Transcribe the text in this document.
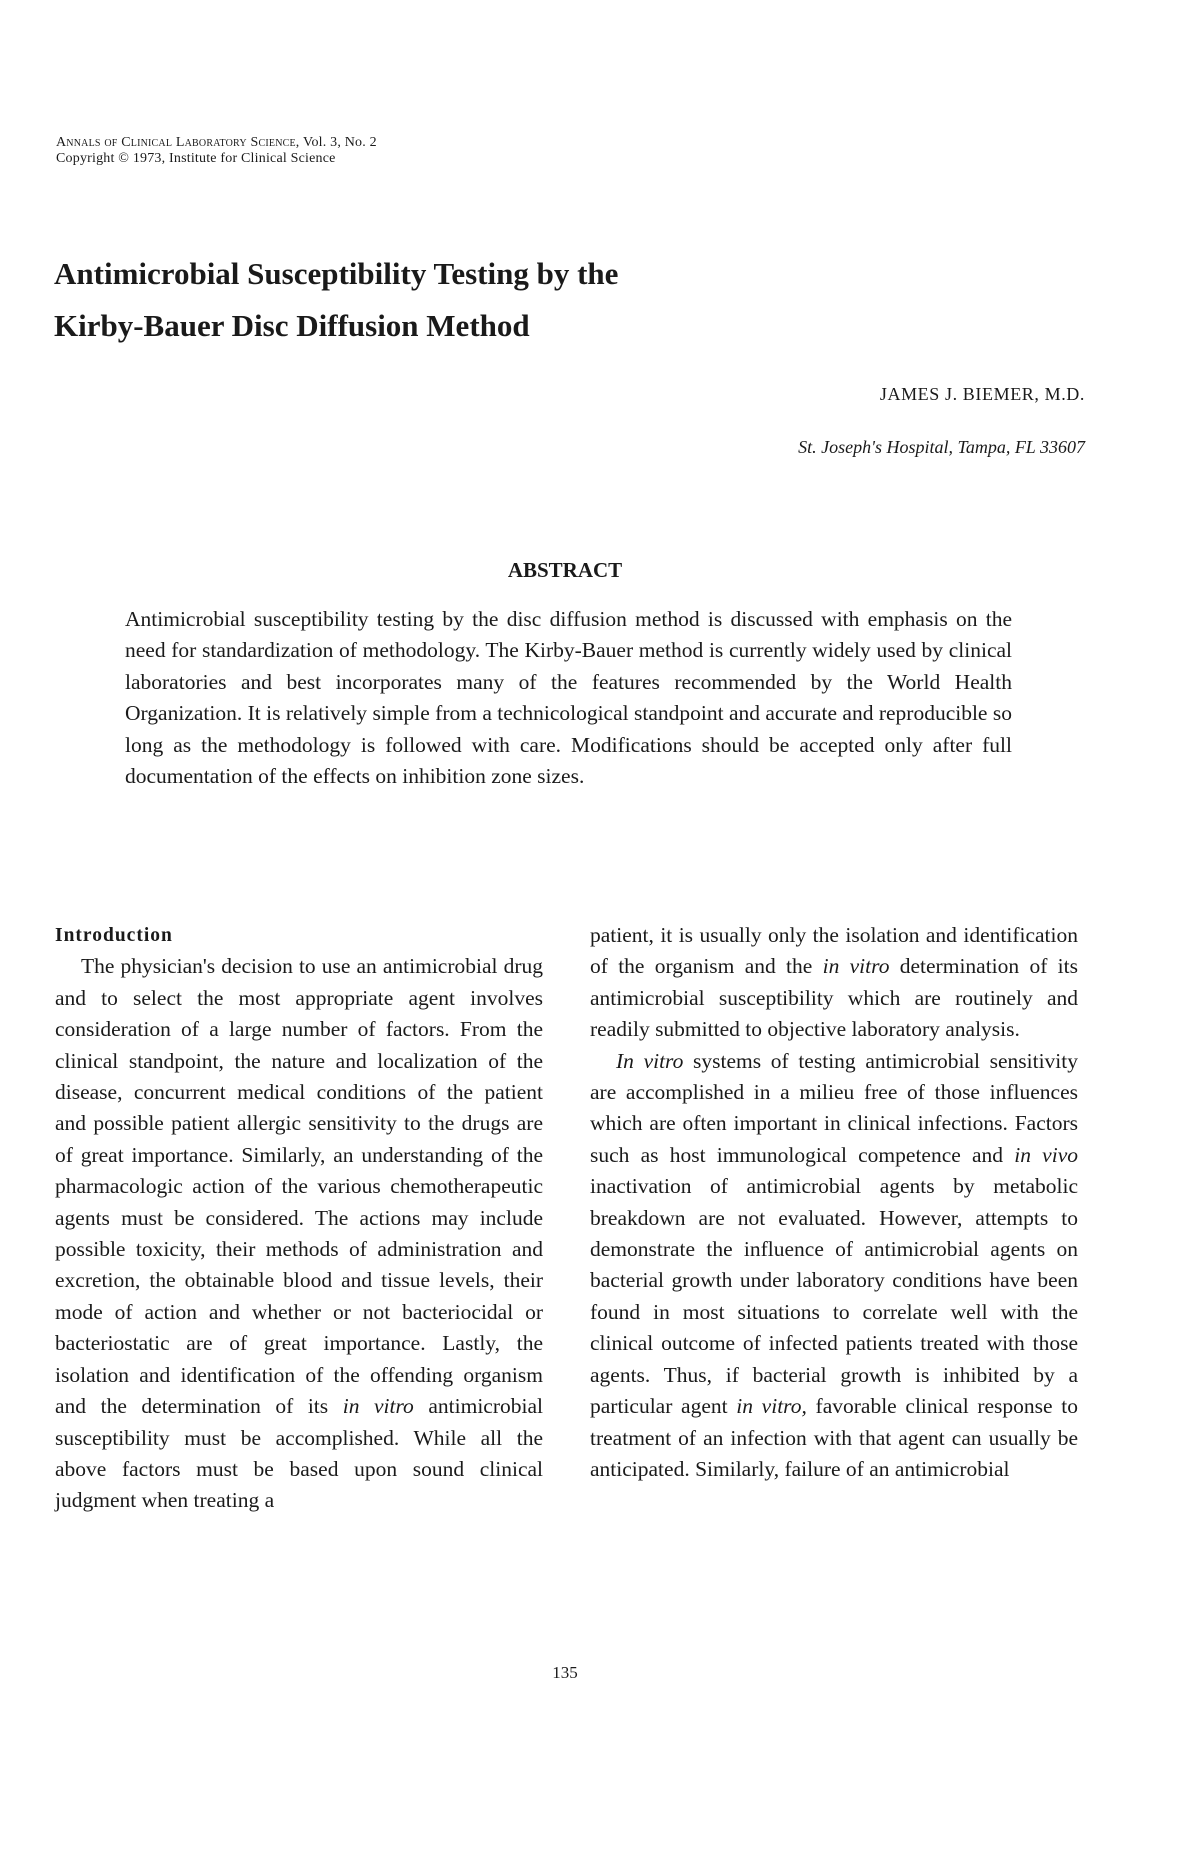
Annals of Clinical Laboratory Science, Vol. 3, No. 2
Copyright © 1973, Institute for Clinical Science
Antimicrobial Susceptibility Testing by the
Kirby-Bauer Disc Diffusion Method
JAMES J. BIEMER, M.D.
St. Joseph's Hospital, Tampa, FL 33607
ABSTRACT

Antimicrobial susceptibility testing by the disc diffusion method is discussed with emphasis on the need for standardization of methodology. The Kirby-Bauer method is currently widely used by clinical laboratories and best incorporates many of the features recommended by the World Health Organization. It is relatively simple from a technicological standpoint and accurate and reproducible so long as the methodology is followed with care. Modifications should be accepted only after full documentation of the effects on inhibition zone sizes.

Introduction

The physician's decision to use an antimicrobial drug and to select the most appropriate agent involves consideration of a large number of factors. From the clinical standpoint, the nature and localization of the disease, concurrent medical conditions of the patient and possible patient allergic sensitivity to the drugs are of great importance. Similarly, an understanding of the pharmacologic action of the various chemotherapeutic agents must be considered. The actions may include possible toxicity, their methods of administration and excretion, the obtainable blood and tissue levels, their mode of action and whether or not bacteriocidal or bacteriostatic are of great importance. Lastly, the isolation and identification of the offending organism and the determination of its in vitro antimicrobial susceptibility must be accomplished. While all the above factors must be based upon sound clinical judgment when treating a

patient, it is usually only the isolation and identification of the organism and the in vitro determination of its antimicrobial susceptibility which are routinely and readily submitted to objective laboratory analysis.

In vitro systems of testing antimicrobial sensitivity are accomplished in a milieu free of those influences which are often important in clinical infections. Factors such as host immunological competence and in vivo inactivation of antimicrobial agents by metabolic breakdown are not evaluated. However, attempts to demonstrate the influence of antimicrobial agents on bacterial growth under laboratory conditions have been found in most situations to correlate well with the clinical outcome of infected patients treated with those agents. Thus, if bacterial growth is inhibited by a particular agent in vitro, favorable clinical response to treatment of an infection with that agent can usually be anticipated. Similarly, failure of an antimicrobial

135
